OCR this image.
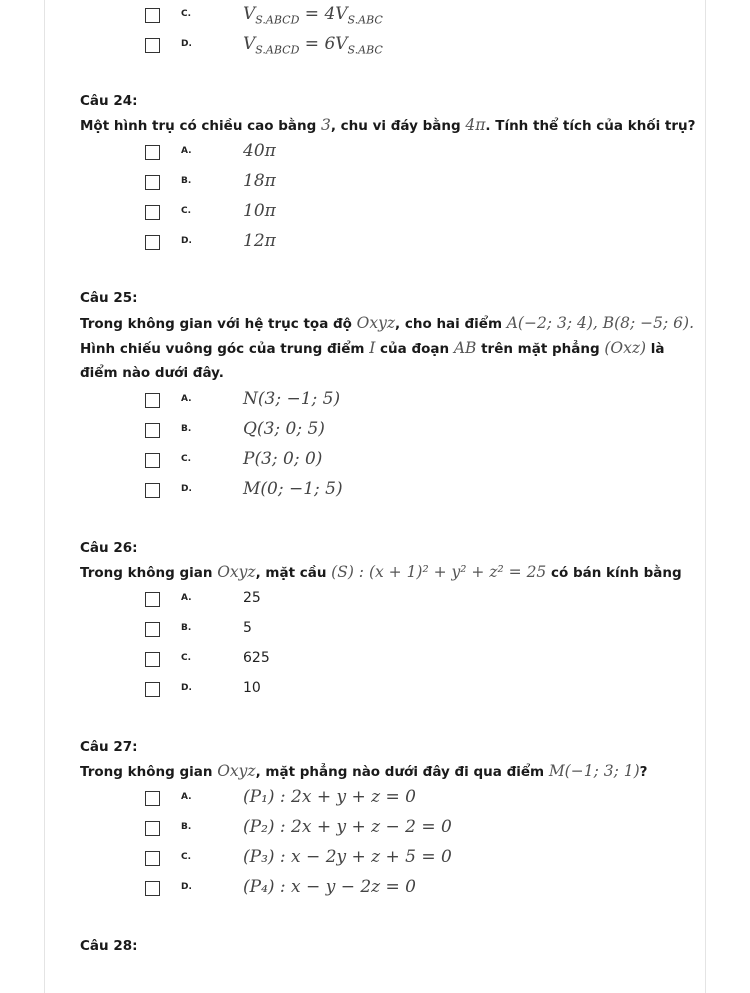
C.	$V_{S.ABCD} = 4V_{S.ABC}$
D.	$V_{S.ABCD} = 6V_{S.ABC}$
Câu 24:
Một hình trụ có chiều cao bằng 3, chu vi đáy bằng 4π. Tính thể tích của khối trụ?
A.	40π
B.	18π
C.	10π
D.	12π
Câu 25:
Trong không gian với hệ trục tọa độ Oxyz, cho hai điểm A(−2; 3; 4), B(8; −5; 6).
Hình chiếu vuông góc của trung điểm I của đoạn AB trên mặt phẳng (Oxz) là
điểm nào dưới đây.
A.	N(3; −1; 5)
B.	Q(3; 0; 5)
C.	P(3; 0; 0)
D.	M(0; −1; 5)
Câu 26:
Trong không gian Oxyz, mặt cầu (S) : (x + 1)² + y² + z² = 25 có bán kính bằng
A.	25
B.	5
C.	625
D.	10
Câu 27:
Trong không gian Oxyz, mặt phẳng nào dưới đây đi qua điểm M(−1; 3; 1)?
A.	(P₁) : 2x + y + z = 0
B.	(P₂) : 2x + y + z − 2 = 0
C.	(P₃) : x − 2y + z + 5 = 0
D.	(P₄) : x − y − 2z = 0
Câu 28:
